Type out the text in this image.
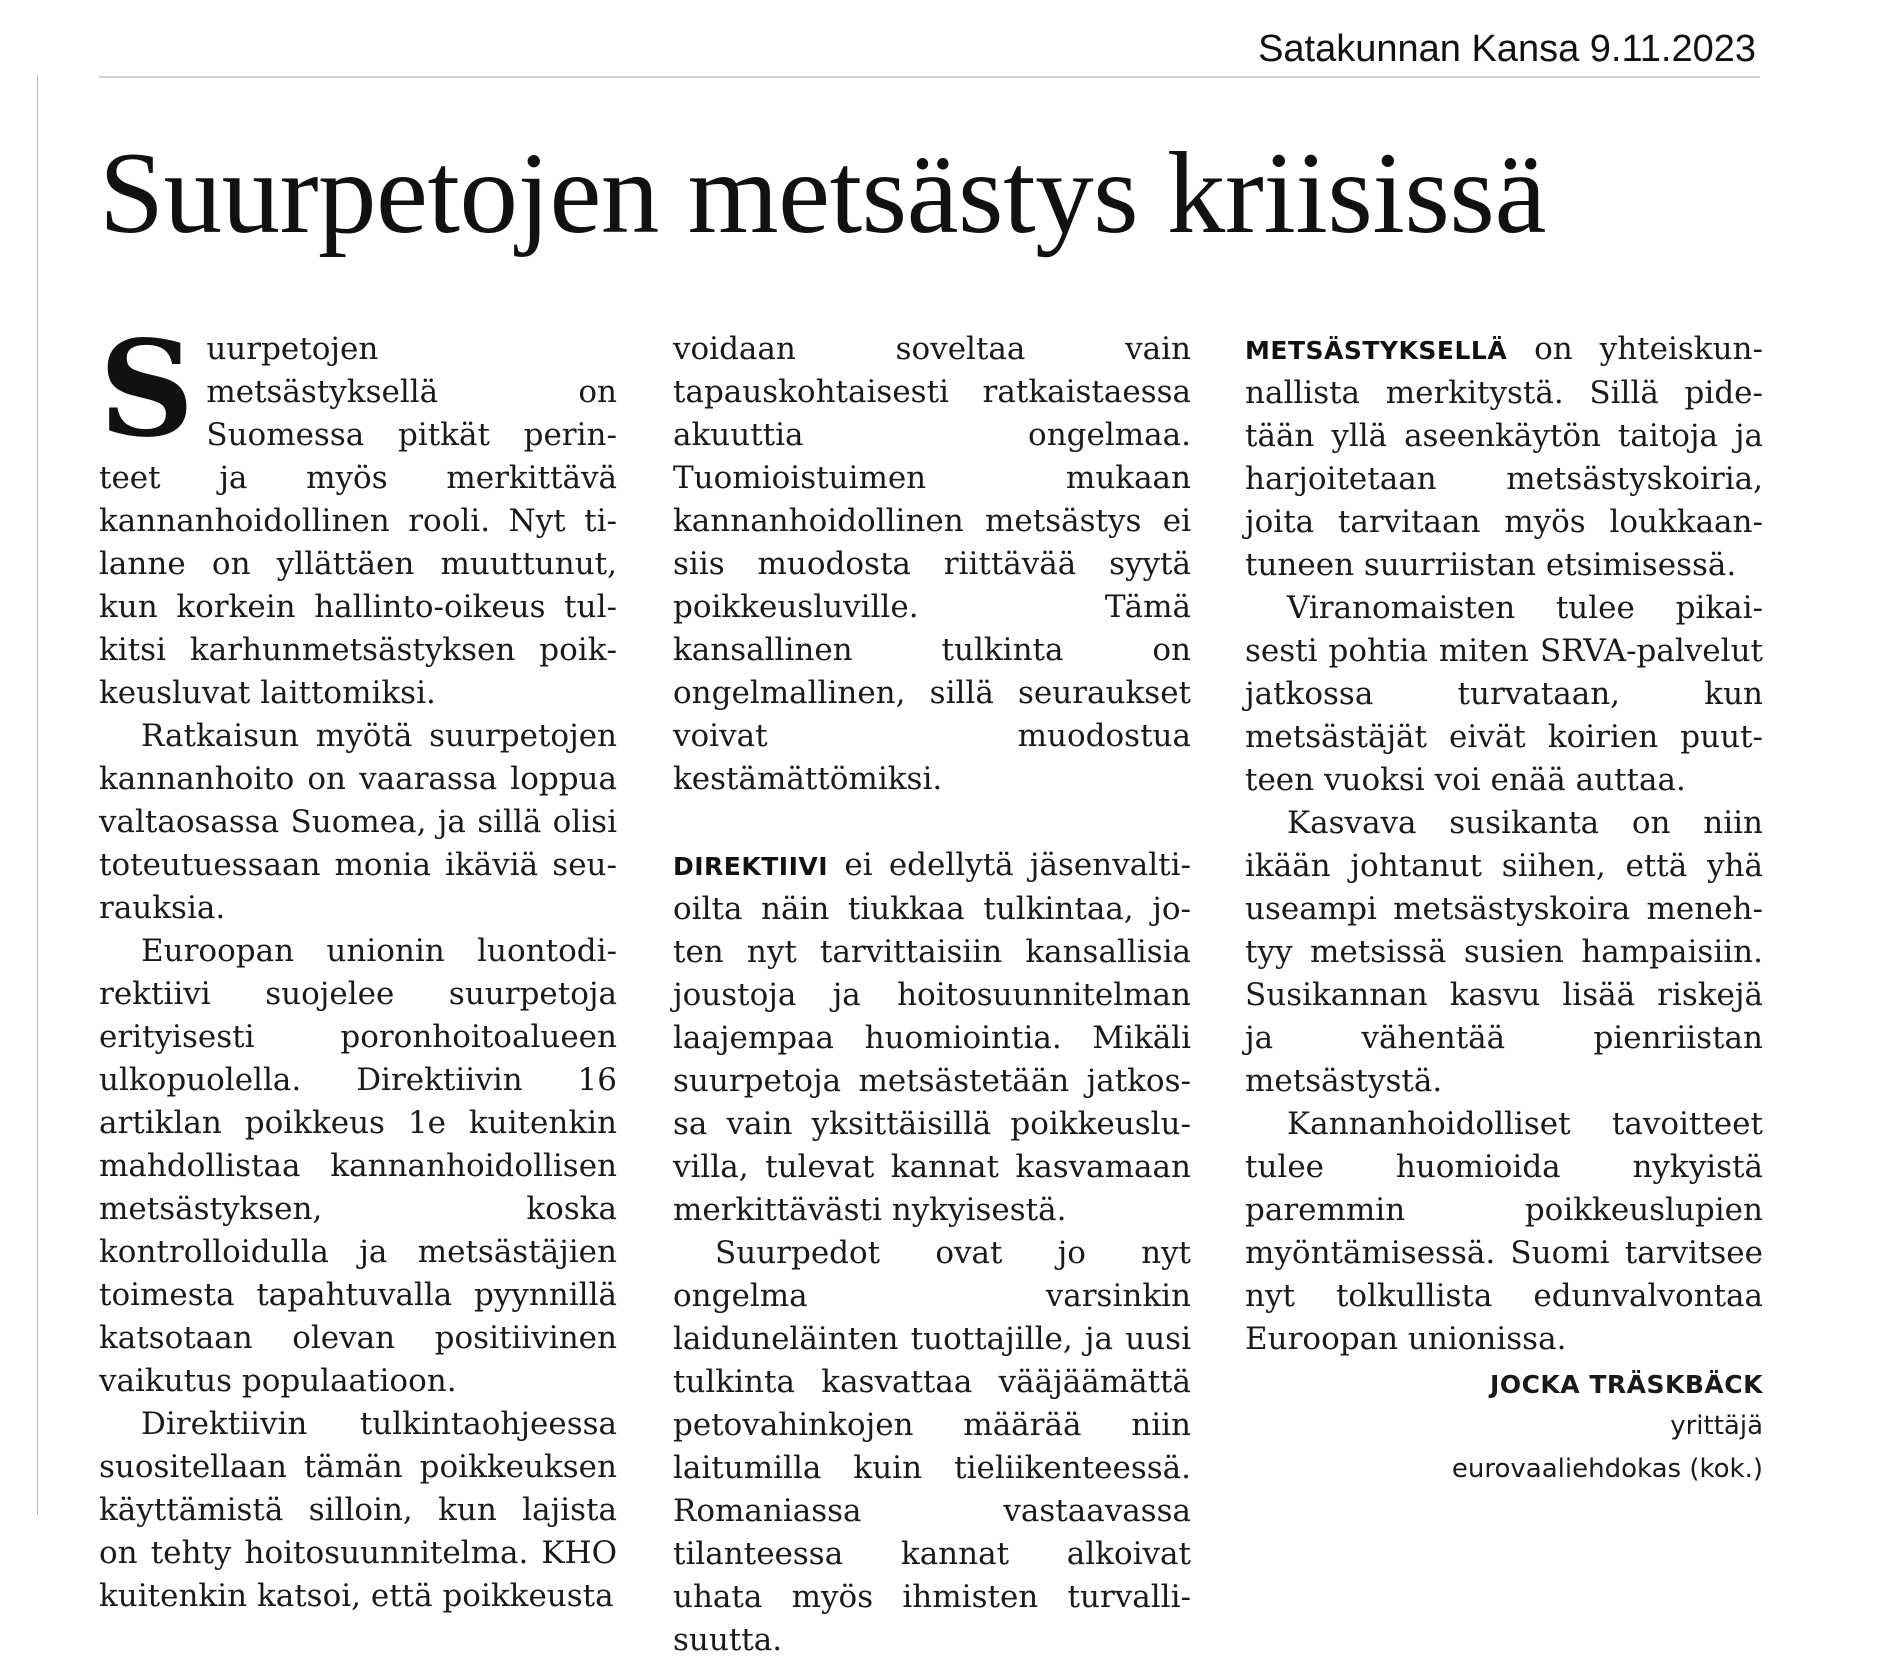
Satakunnan Kansa 9.11.2023
Suurpetojen metsästys kriisissä

Suurpetojen metsästyksellä on Suomessa pitkät perinteet ja myös merkittävä kannanhoidollinen rooli. Nyt tilanne on yllättäen muuttunut, kun korkein hallinto-oikeus tulkitsi karhunmetsästyksen poikkeusluvat laittomiksi.

Ratkaisun myötä suurpetojen kannanhoito on vaarassa loppua valtaosassa Suomea, ja sillä olisi toteutuessaan monia ikäviä seurauksia.

Euroopan unionin luontodirektiivi suojelee suurpetoja erityisesti poronhoitoalueen ulkopuolella. Direktiivin 16 artiklan poikkeus 1e kuitenkin mahdollistaa kannanhoidollisen metsästyksen, koska kontrolloidulla ja metsästäjien toimesta tapahtuvalla pyynnillä katsotaan olevan positiivinen vaikutus populaatioon.

Direktiivin tulkintaohjeessa suositellaan tämän poikkeuksen käyttämistä silloin, kun lajista on tehty hoitosuunnitelma. KHO kuitenkin katsoi, että poikkeusta

voidaan soveltaa vain tapauskohtaisesti ratkaistaessa akuuttia ongelmaa. Tuomioistuimen mukaan kannanhoidollinen metsästys ei siis muodosta riittävää syytä poikkeusluville. Tämä kansallinen tulkinta on ongelmallinen, sillä seuraukset voivat muodostua kestämättömiksi.

DIREKTIIVI ei edellytä jäsenvaltioilta näin tiukkaa tulkintaa, joten nyt tarvittaisiin kansallisia joustoja ja hoitosuunnitelman laajempaa huomiointia. Mikäli suurpetoja metsästetään jatkossa vain yksittäisillä poikkeusluvilla, tulevat kannat kasvamaan merkittävästi nykyisestä.

Suurpedot ovat jo nyt ongelma varsinkin laiduneläinten tuottajille, ja uusi tulkinta kasvattaa vääjäämättä petovahinkojen määrää niin laitumilla kuin tieliikenteessä. Romaniassa vastaavassa tilanteessa kannat alkoivat uhata myös ihmisten turvallisuutta.

METSÄSTYKSELLÄ on yhteiskunnallista merkitystä. Sillä pidetään yllä aseenkäytön taitoja ja harjoitetaan metsästyskoiria, joita tarvitaan myös loukkaantuneen suurriistan etsimisessä.

Viranomaisten tulee pikaisesti pohtia miten SRVA-palvelut jatkossa turvataan, kun metsästäjät eivät koirien puutteen vuoksi voi enää auttaa.

Kasvava susikanta on niin ikään johtanut siihen, että yhä useampi metsästyskoira menehtyy metsissä susien hampaisiin. Susikannan kasvu lisää riskejä ja vähentää pienriistan metsästystä.

Kannanhoidolliset tavoitteet tulee huomioida nykyistä paremmin poikkeuslupien myöntämisessä. Suomi tarvitsee nyt tolkullista edunvalvontaa Euroopan unionissa.

JOCKA TRÄSKBÄCK
yrittäjä
eurovaaliehdokas (kok.)
